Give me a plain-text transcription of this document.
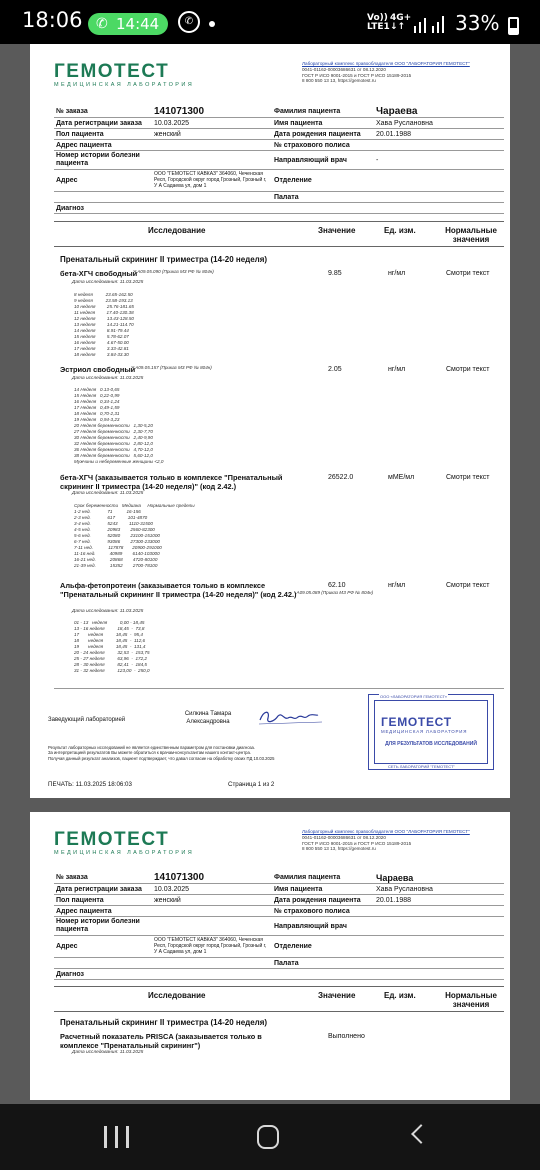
18:06 ✆ 14:44	✆	Vo))
LTE1
4G+
↓↑	33%
ГЕМОТЕСТ
МЕДИЦИНСКАЯ ЛАБОРАТОРИЯ
Лабораторный комплекс правообладателя ООО "ЛАБОРАТОРИЯ ГЕМОТЕСТ"
0041-01162-00003686631 от 08.12.2020
ГОСТ Р ИСО 9001-2015 и ГОСТ Р ИСО 15189-2015
8 800 550 13 13, https://gemotest.ru
№ заказа	141071300	Фамилия пациента	Чараева
Дата регистрации заказа	10.03.2025	Имя пациента	Хава Руслановна
Пол пациента	женский	Дата рождения пациента	20.01.1988
Адрес пациента		№ страхового полиса	
Номер истории болезни пациента		Направляющий врач	-
Адрес	ООО "ГЕМОТЕСТ КАВКАЗ" 364060, Чеченская Респ, Городской округ город Грозный, Грозный г, У А Садаева ул, дом 1	Отделение	
		Палата	
Диагноз			
Исследование	Значение	Ед. изм.	Нормальные значения
Пренатальный скрининг II триместра (14-20 неделя)
бета-ХГЧ свободный A09.05.090 (Приказ МЗ РФ № 804н)
Дата исследования: 11.03.2025
9.85	нг/мл	Смотри текст
8 неделя          23.65-162.50
9 неделя          23.58-193.13
10 неделя         25.76-181.65
11 неделя         17.40-130.38
12 неделя         13.43-128.50
13 неделя         14.21-114.70
14 неделя         8.91-79.44
15 неделя         5.78-62.07
16 неделя         4.67-50.00
17 неделя         3.33-42.81
18 неделя         3.84-33.30
Эстриол свободный A09.05.157 (Приказ МЗ РФ № 804н)
Дата исследования: 11.03.2025
2.05	нг/мл	Смотри текст
14 Неделя   0.13-0,65
15 Неделя   0,22-0,99
16 Неделя   0,34-1,24
17 Неделя   0,49-1,59
18 Неделя   0,70-2,31
19 Неделя   0,94-3,23
20 Неделя беременности   1,30-5,20
27 Неделя беременности   2,30-7,70
30 Неделя беременности   2,40-9,90
32 Неделя беременности   2,80-12,0
36 Неделя беременности   4,70-12,0
38 Неделя беременности   5,60-12,0
Мужчины и небеременные женщины <2,0
бета-ХГЧ (заказывается только в комплексе "Пренатальный скрининг II триместра (14-20 неделя)" (код 2.42.)
Дата исследования: 11.03.2025
26522.0	мМЕ/мл	Смотри текст
Срок беременности   Медиана     Нормальные пределы
1-2 нед.             71           16-156
2-3 нед.             617          101-4870
3-4 нед.             5243         1110-31500
4-5 нед.             20983        2560-82300
5-6 нед.             52080        23100-151000
6-7 нед.             93086        27300-233000
7-11 нед.            117878       20900-291000
11-16 нед.           40989        6140-103000
16-21 нед.           20868        4720-80100
21-39 нед.           15352        2700-78100
Альфа-фетопротеин (заказывается только в комплексе "Пренатальный скрининг II триместра (14-20 неделя)" (код 2.42.) A09.05.089 (Приказ МЗ РФ № 804н)
Дата исследования: 11.03.2025
62.10	нг/мл	Смотри текст
01 - 13   неделя          0,00 - 18,45
13 - 16 неделя          18,45  -  73,8
17       неделя          18,45  -  95,4
18       неделя          18,45  -  112,6
19       неделя          18,45  -  131,4
20 - 24 неделя          32,53  -  153,75
25 - 27 неделя          63,96  -  172,2
28 - 30 неделя          82,41  -  184,5
31 - 32 неделя          123,00  -  250,0
Заведующий лабораторией
Силкина Тамара Александровна
ООО «ЛАБОРАТОРИЯ ГЕМОТЕСТ»
ГЕМОТЕСТ
МЕДИЦИНСКАЯ ЛАБОРАТОРИЯ
ДЛЯ РЕЗУЛЬТАТОВ ИССЛЕДОВАНИЙ
СЕТЬ ЛАБОРАТОРИЙ "ГЕМОТЕСТ"
Результат лабораторных исследований не является единственным параметром для постановки диагноза.
За интерпретацией результатов Вы можете обратиться к врачам-консультантам нашего контакт-центра.
Получая данный результат анализов, пациент подтверждает, что давал согласие на обработку своих ПД 10.03.2025
ПЕЧАТЬ: 11.03.2025 18:06:03	Страница 1 из 2
ГЕМОТЕСТ
МЕДИЦИНСКАЯ ЛАБОРАТОРИЯ
Лабораторный комплекс правообладателя ООО "ЛАБОРАТОРИЯ ГЕМОТЕСТ"
0041-01162-00003686631 от 08.12.2020
ГОСТ Р ИСО 9001-2015 и ГОСТ Р ИСО 15189-2015
8 800 550 13 13, https://gemotest.ru
№ заказа	141071300	Фамилия пациента	Чараева
Дата регистрации заказа	10.03.2025	Имя пациента	Хава Руслановна
Пол пациента	женский	Дата рождения пациента	20.01.1988
Адрес пациента		№ страхового полиса	
Номер истории болезни пациента		Направляющий врач	
Адрес	ООО "ГЕМОТЕСТ КАВКАЗ" 364060, Чеченская Респ, Городской округ город Грозный, Грозный г, У А Садаева ул, дом 1	Отделение	
		Палата	
Диагноз			
Исследование	Значение	Ед. изм.	Нормальные значения
Пренатальный скрининг II триместра (14-20 неделя)
Расчетный показатель PRISCA (заказывается только в комплексе "Пренатальный скрининг")
Дата исследования: 11.03.2025
Выполнено
